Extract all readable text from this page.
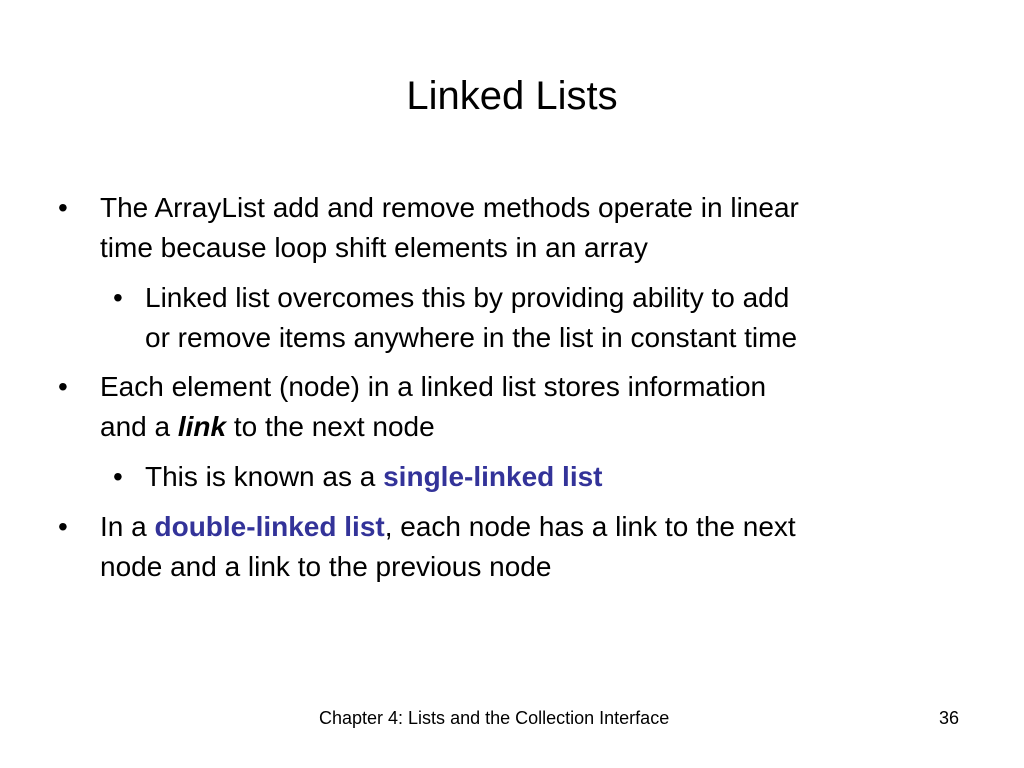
Linked Lists
• The ArrayList add and remove methods operate in linear
time because loop shift elements in an array
• Linked list overcomes this by providing ability to add
or remove items anywhere in the list in constant time
• Each element (node) in a linked list stores information
and a link to the next node
• This is known as a single-linked list
• In a double-linked list, each node has a link to the next
node and a link to the previous node
Chapter 4: Lists and the Collection Interface	36
